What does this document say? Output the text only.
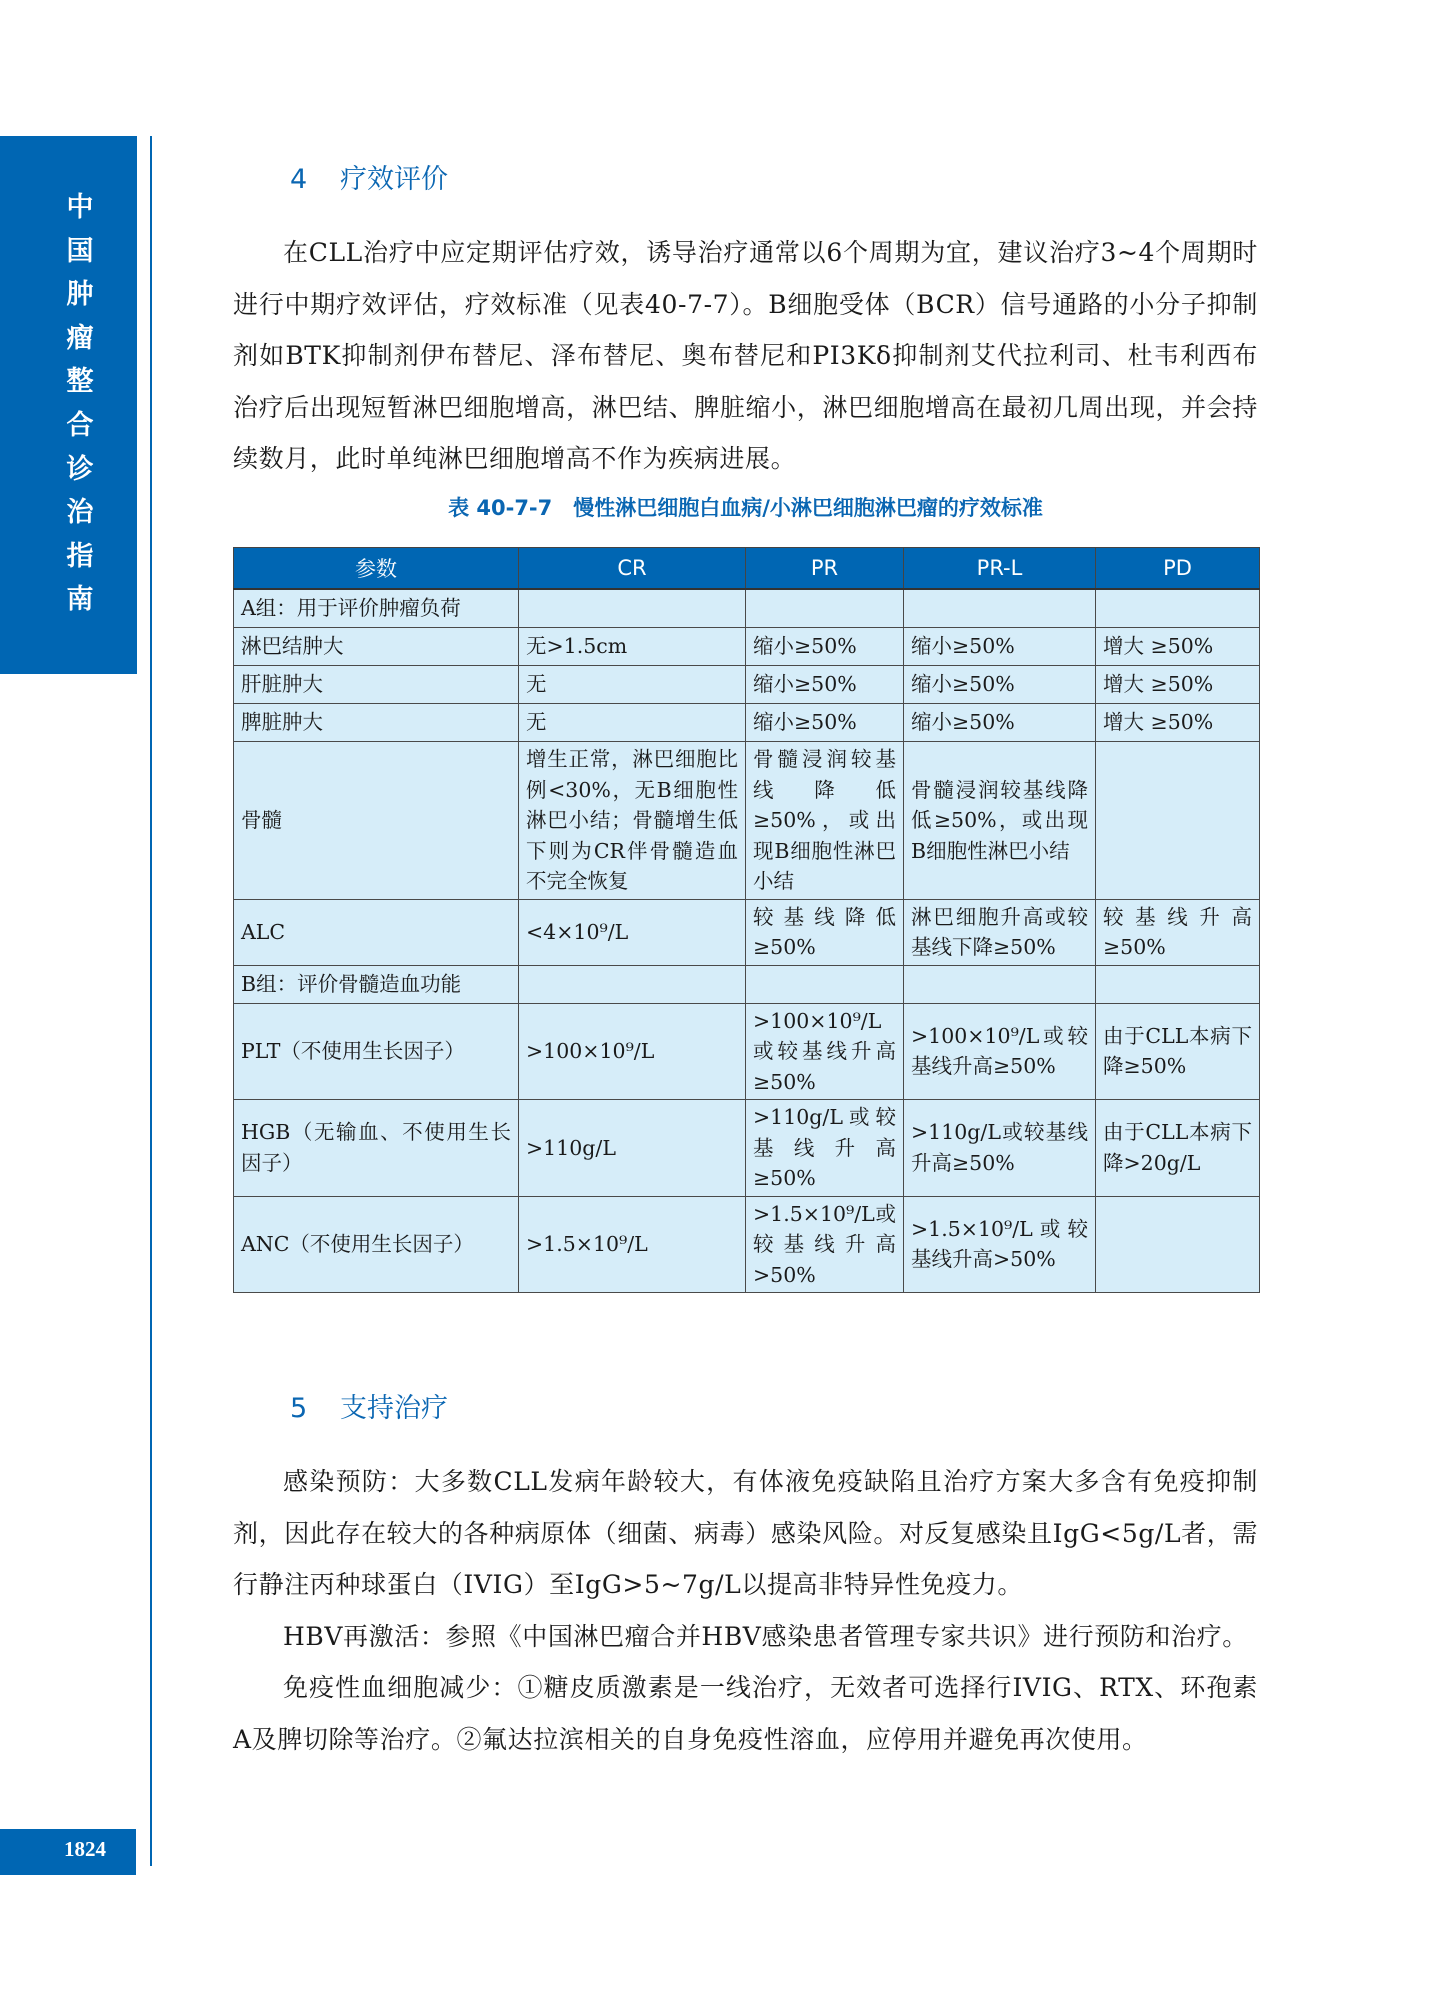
中
国
肿
瘤
整
合
诊
治
指
南
1824
4 疗效评价

在CLL治疗中应定期评估疗效，诱导治疗通常以6个周期为宜，建议治疗3~4个周期时进行中期疗效评估，疗效标准（见表40-7-7）。B细胞受体（BCR）信号通路的小分子抑制剂如BTK抑制剂伊布替尼、泽布替尼、奥布替尼和PI3Kδ抑制剂艾代拉利司、杜韦利西布治疗后出现短暂淋巴细胞增高，淋巴结、脾脏缩小，淋巴细胞增高在最初几周出现，并会持续数月，此时单纯淋巴细胞增高不作为疾病进展。

表 40-7-7　慢性淋巴细胞白血病/小淋巴细胞淋巴瘤的疗效标准
参数	CR	PR	PR-L	PD
A组：用于评价肿瘤负荷				
淋巴结肿大	无>1.5cm	缩小≥50%	缩小≥50%	增大 ≥50%
肝脏肿大	无	缩小≥50%	缩小≥50%	增大 ≥50%
脾脏肿大	无	缩小≥50%	缩小≥50%	增大 ≥50%
骨髓	增生正常，淋巴细胞比例<30%，无B细胞性淋巴小结；骨髓增生低下则为CR伴骨髓造血不完全恢复	骨髓浸润较基线降低≥50%，或出现B细胞性淋巴小结	骨髓浸润较基线降低≥50%，或出现B细胞性淋巴小结	
ALC	<4×10⁹/L	较基线降低≥50%	淋巴细胞升高或较基线下降≥50%	较基线升高≥50%
B组：评价骨髓造血功能				
PLT（不使用生长因子）	>100×10⁹/L	>100×10⁹/L或较基线升高≥50%	>100×10⁹/L或较基线升高≥50%	由于CLL本病下降≥50%
HGB（无输血、不使用生长因子）	>110g/L	>110g/L或较基线升高≥50%	>110g/L或较基线升高≥50%	由于CLL本病下降>20g/L
ANC（不使用生长因子）	>1.5×10⁹/L	>1.5×10⁹/L或较基线升高>50%	>1.5×10⁹/L或较基线升高>50%	
5 支持治疗

感染预防：大多数CLL发病年龄较大，有体液免疫缺陷且治疗方案大多含有免疫抑制剂，因此存在较大的各种病原体（细菌、病毒）感染风险。对反复感染且IgG<5g/L者，需行静注丙种球蛋白（IVIG）至IgG>5~7g/L以提高非特异性免疫力。

HBV再激活：参照《中国淋巴瘤合并HBV感染患者管理专家共识》进行预防和治疗。

免疫性血细胞减少：①糖皮质激素是一线治疗，无效者可选择行IVIG、RTX、环孢素A及脾切除等治疗。②氟达拉滨相关的自身免疫性溶血，应停用并避免再次使用。
